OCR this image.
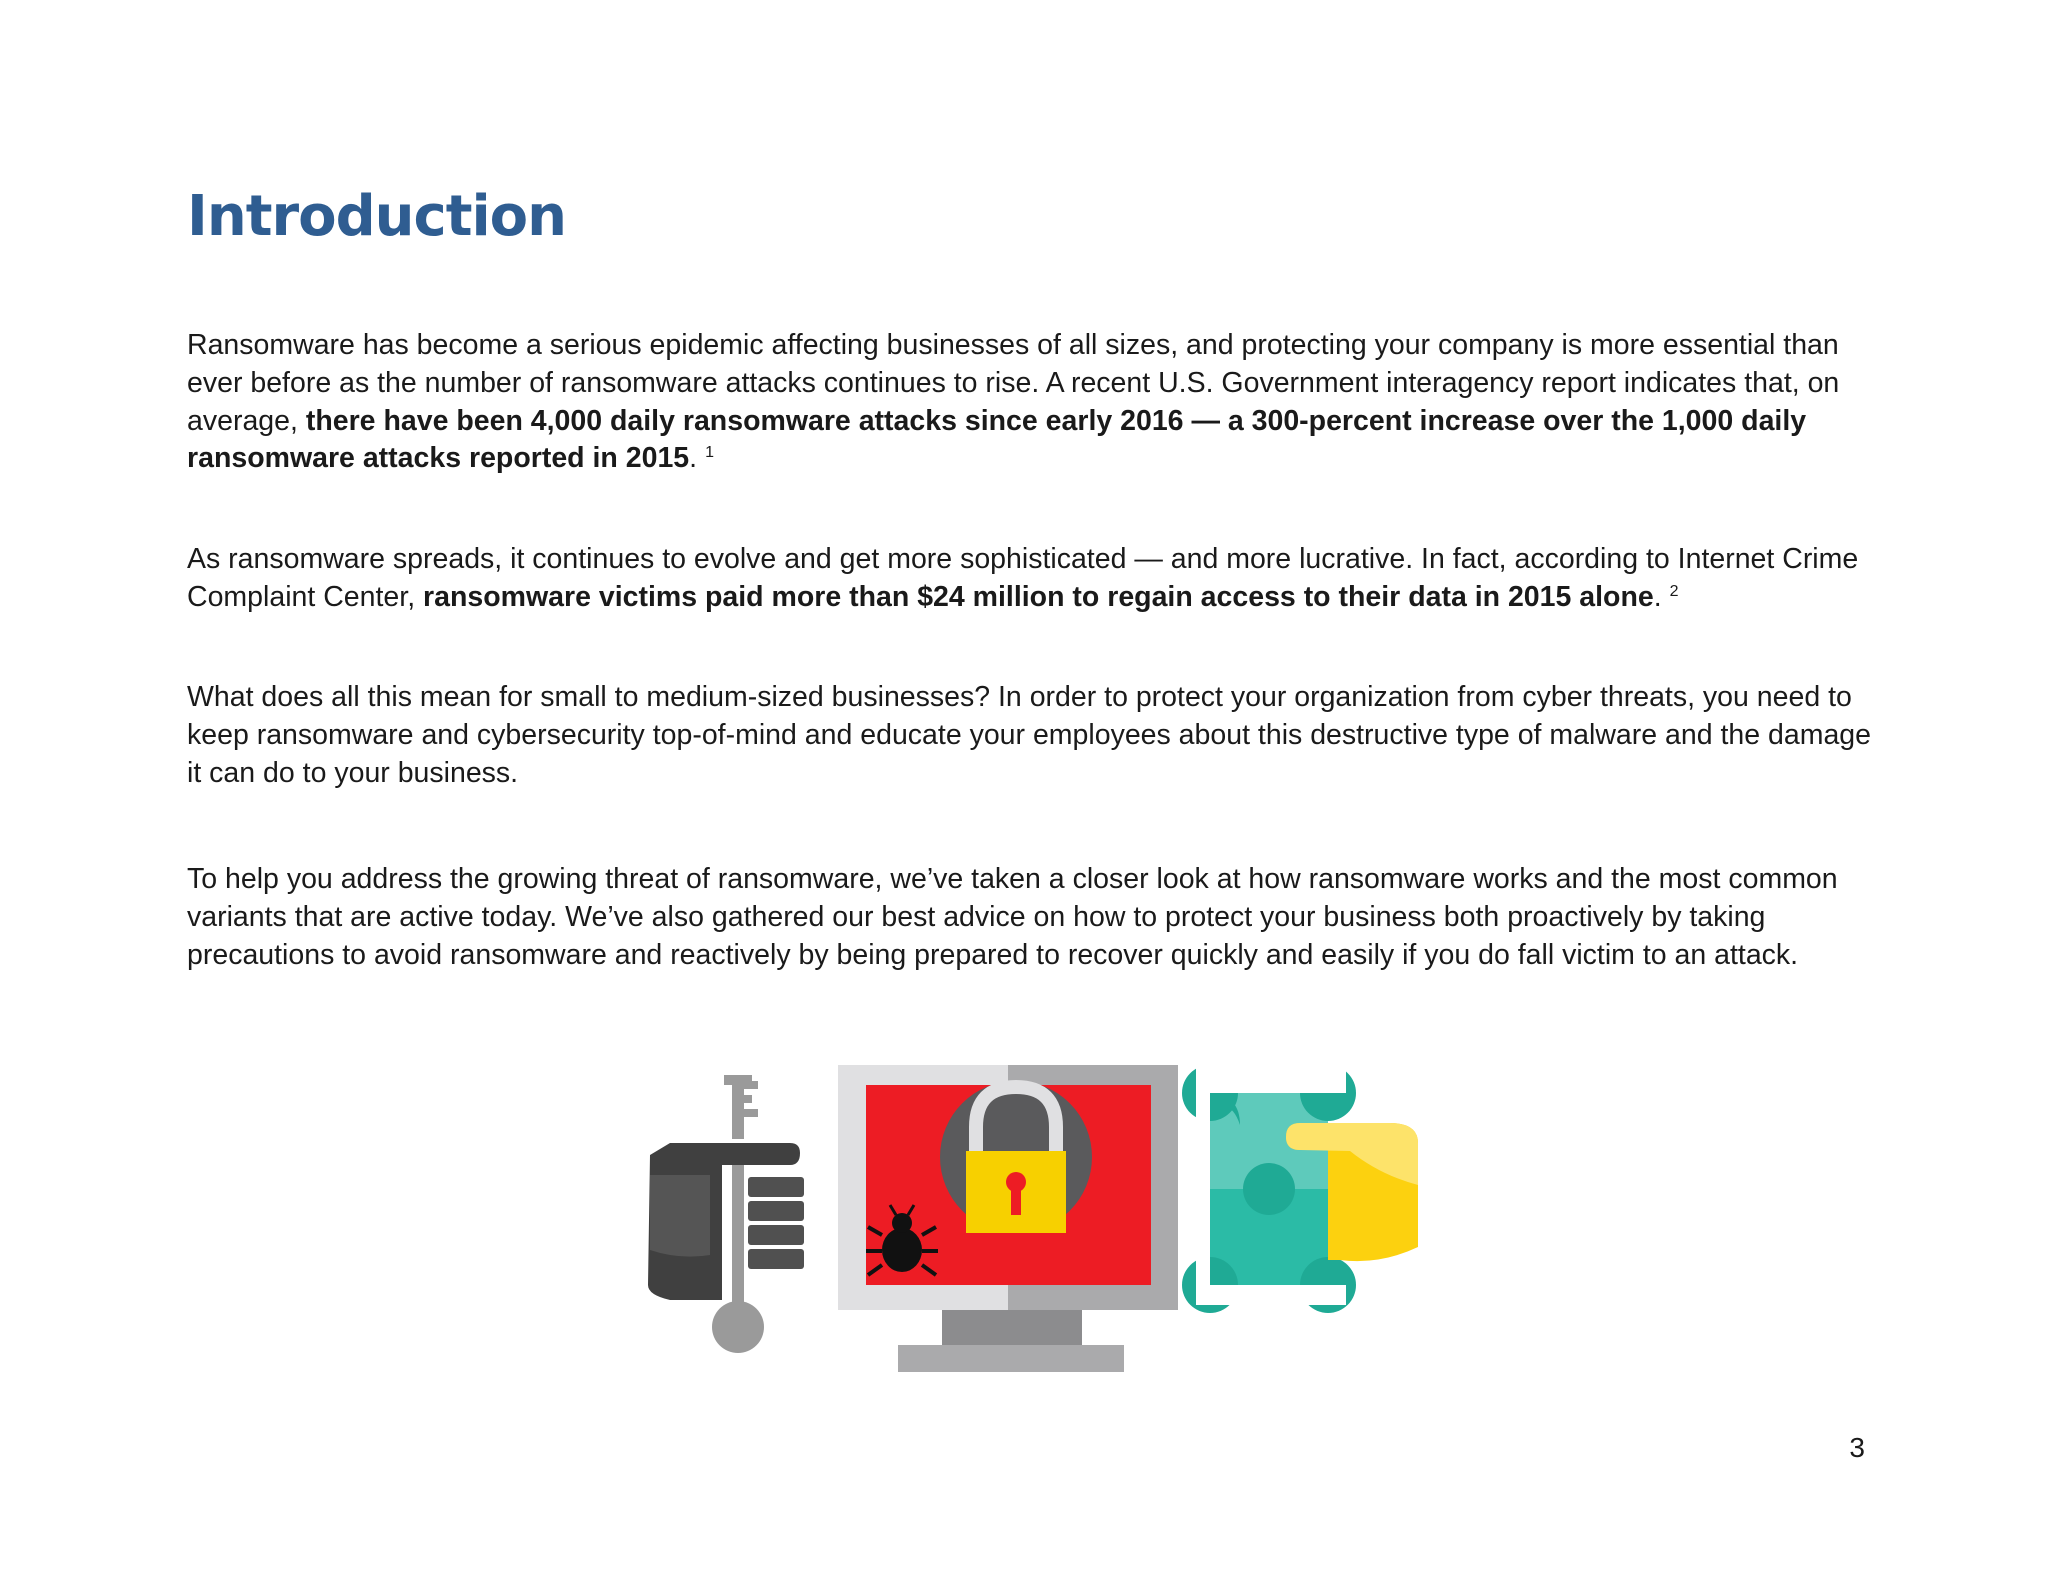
Introduction

Ransomware has become a serious epidemic affecting businesses of all sizes, and protecting your company is more essential than ever before as the number of ransomware attacks continues to rise. A recent U.S. Government interagency report indicates that, on average, there have been 4,000 daily ransomware attacks since early 2016 — a 300-percent increase over the 1,000 daily ransomware attacks reported in 2015. $^1$

As ransomware spreads, it continues to evolve and get more sophisticated — and more lucrative. In fact, according to Internet Crime Complaint Center, ransomware victims paid more than $24 million to regain access to their data in 2015 alone. $^2$

What does all this mean for small to medium-sized businesses? In order to protect your organization from cyber threats, you need to keep ransomware and cybersecurity top-of-mind and educate your employees about this destructive type of malware and the damage it can do to your business.

To help you address the growing threat of ransomware, we’ve taken a closer look at how ransomware works and the most common variants that are active today. We’ve also gathered our best advice on how to protect your business both proactively by taking precautions to avoid ransomware and reactively by being prepared to recover quickly and easily if you do fall victim to an attack.

3
